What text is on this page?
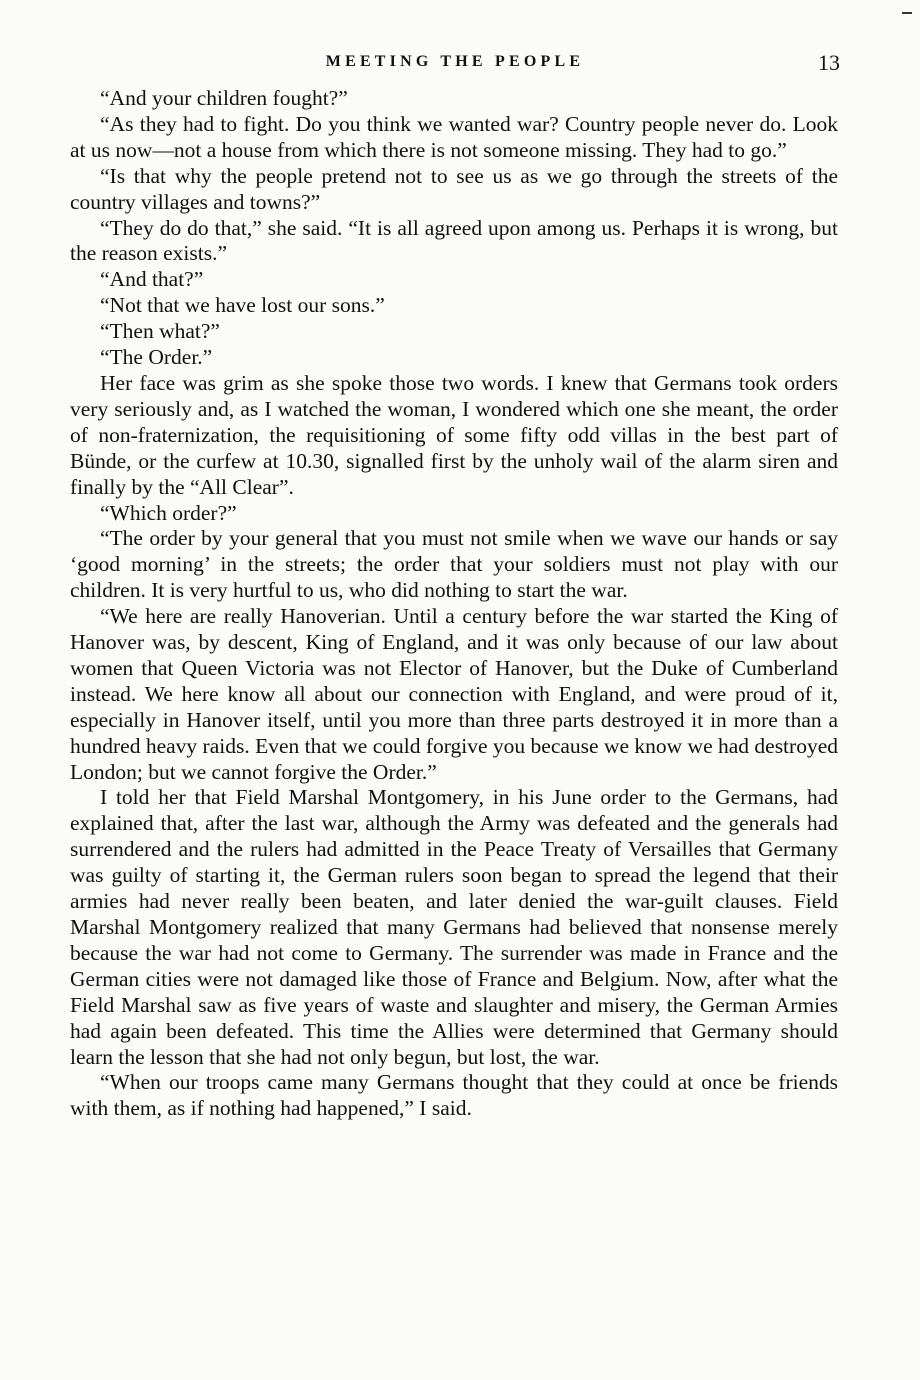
MEETING THE PEOPLE	13

“And your children fought?”

“As they had to fight. Do you think we wanted war? Country people never do. Look at us now—not a house from which there is not someone missing. They had to go.”

“Is that why the people pretend not to see us as we go through the streets of the country villages and towns?”

“They do do that,” she said. “It is all agreed upon among us. Perhaps it is wrong, but the reason exists.”

“And that?”

“Not that we have lost our sons.”

“Then what?”

“The Order.”

Her face was grim as she spoke those two words. I knew that Germans took orders very seriously and, as I watched the woman, I wondered which one she meant, the order of non-fraternization, the requisitioning of some fifty odd villas in the best part of Bünde, or the curfew at 10.30, signalled first by the unholy wail of the alarm siren and finally by the “All Clear”.

“Which order?”

“The order by your general that you must not smile when we wave our hands or say ‘good morning’ in the streets; the order that your soldiers must not play with our children. It is very hurtful to us, who did nothing to start the war.

“We here are really Hanoverian. Until a century before the war started the King of Hanover was, by descent, King of England, and it was only because of our law about women that Queen Victoria was not Elector of Hanover, but the Duke of Cumberland instead. We here know all about our connection with England, and were proud of it, especially in Hanover itself, until you more than three parts destroyed it in more than a hundred heavy raids. Even that we could forgive you because we know we had destroyed London; but we cannot forgive the Order.”

I told her that Field Marshal Montgomery, in his June order to the Germans, had explained that, after the last war, although the Army was defeated and the generals had surrendered and the rulers had admitted in the Peace Treaty of Versailles that Germany was guilty of starting it, the German rulers soon began to spread the legend that their armies had never really been beaten, and later denied the war-guilt clauses. Field Marshal Montgomery realized that many Germans had believed that nonsense merely because the war had not come to Germany. The surrender was made in France and the German cities were not damaged like those of France and Belgium. Now, after what the Field Marshal saw as five years of waste and slaughter and misery, the German Armies had again been defeated. This time the Allies were determined that Germany should learn the lesson that she had not only begun, but lost, the war.

“When our troops came many Germans thought that they could at once be friends with them, as if nothing had happened,” I said.
